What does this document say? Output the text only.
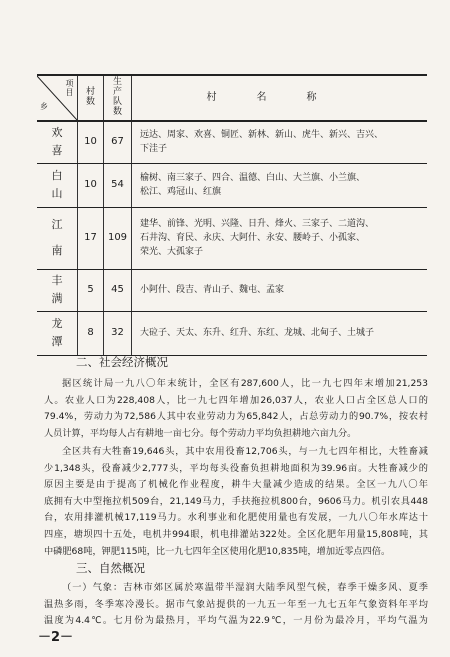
项目
乡	村数	生产队数	村名称
欢喜	10	67	远达、周家、欢喜、铜匠、新林、新山、虎牛、新兴、吉兴、
下洼子

白山	10	54	榆树、南三家子、四合、温德、白山、大兰旗、小兰旗、
松江、鸡冠山、红旗

江南	17	109	建华、前锋、光明、兴隆、日升、烽火、三家子、二道沟、
石井沟、育民、永庆、大阿什、永安、腰岭子、小孤家、
荣光、大孤家子

丰满	5	45	小阿什、段吉、青山子、魏屯、孟家

龙潭	8	32	大砬子、天太、东升、红升、东红、龙城、北甸子、土城子
二、社会经济概况
据区统计局一九八〇年末统计，全区有287,600人，比一九七四年末增加21,253
人。农业人口为228,408人，比一九七四年增加26,037人，农业人口占全区总人口的
79.4%，劳动力为72,586人其中农业劳动力为65,842人，占总劳动力的90.7%，按农村
人员计算，平均每人占有耕地一亩七分。每个劳动力平均负担耕地六亩九分。
全区共有大牲畜19,646头，其中农用役畜12,706头，与一九七四年相比，大牲畜减
少1,348头，役畜减少2,777头，平均每头役畜负担耕地面积为39.96亩。大牲畜减少的
原因主要是由于提高了机械化作业程度，耕牛大量减少造成的结果。全区一九八〇年
底拥有大中型拖拉机509台，21,149马力，手扶拖拉机800台，9606马力。机引农具448
台，农用排灌机械17,119马力。水利事业和化肥使用量也有发展，一九八〇年水库达十
四座，塘坝四十五处，电机井994眼，机电排灌站322处。全区化肥年用量15,808吨，其
中磷肥68吨，钾肥115吨，比一九七四年全区使用化肥10,835吨，增加近零点四倍。
三、自然概况
（一）气象：吉林市郊区属於寒温带半湿润大陆季风型气候，春季干燥多风、夏季
温热多雨，冬季寒冷漫长。据市气象站提供的一九五一年至一九七五年气象资料年平均
温度为4.4℃。七月份为最热月，平均气温为22.9℃，一月份为最冷月，平均气温为
－2－
